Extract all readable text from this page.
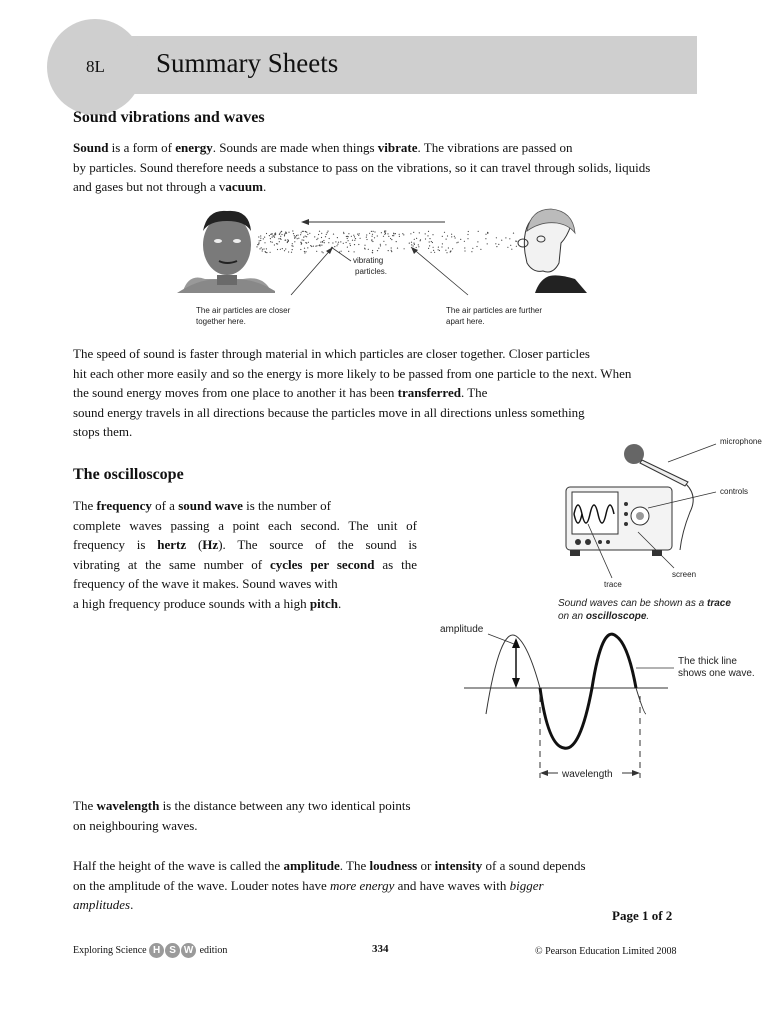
8L Summary Sheets
Sound vibrations and waves

Sound is a form of energy. Sounds are made when things vibrate. The vibrations are passed on

by particles. Sound therefore needs a substance to pass on the vibrations, so it can travel through solids, liquids

and gases but not through a vacuum.

vibrating
particles.
The air particles are closer
together here.
The air particles are further
apart here.

The speed of sound is faster through material in which particles are closer together. Closer particles

hit each other more easily and so the energy is more likely to be passed from one particle to the next. When

the sound energy moves from one place to another it has been transferred. The

sound energy travels in all directions because the particles move in all directions unless something

stops them.

The oscilloscope

The frequency of a sound wave is the number of

complete waves passing a point each second. The unit of

frequency is hertz (Hz). The source of the sound is

vibrating at the same number of cycles per second as the

frequency of the wave it makes. Sound waves with

a high frequency produce sounds with a high pitch.

microphone
controls
screen
trace
Sound waves can be shown as a trace
on an oscilloscope.
amplitude
The thick line
shows one wave.
wavelength

The wavelength is the distance between any two identical points

on neighbouring waves.

Half the height of the wave is called the amplitude. The loudness or intensity of a sound depends

on the amplitude of the wave. Louder notes have more energy and have waves with bigger

amplitudes.

Page 1 of 2
Exploring Science H S W edition	334	© Pearson Education Limited 2008
